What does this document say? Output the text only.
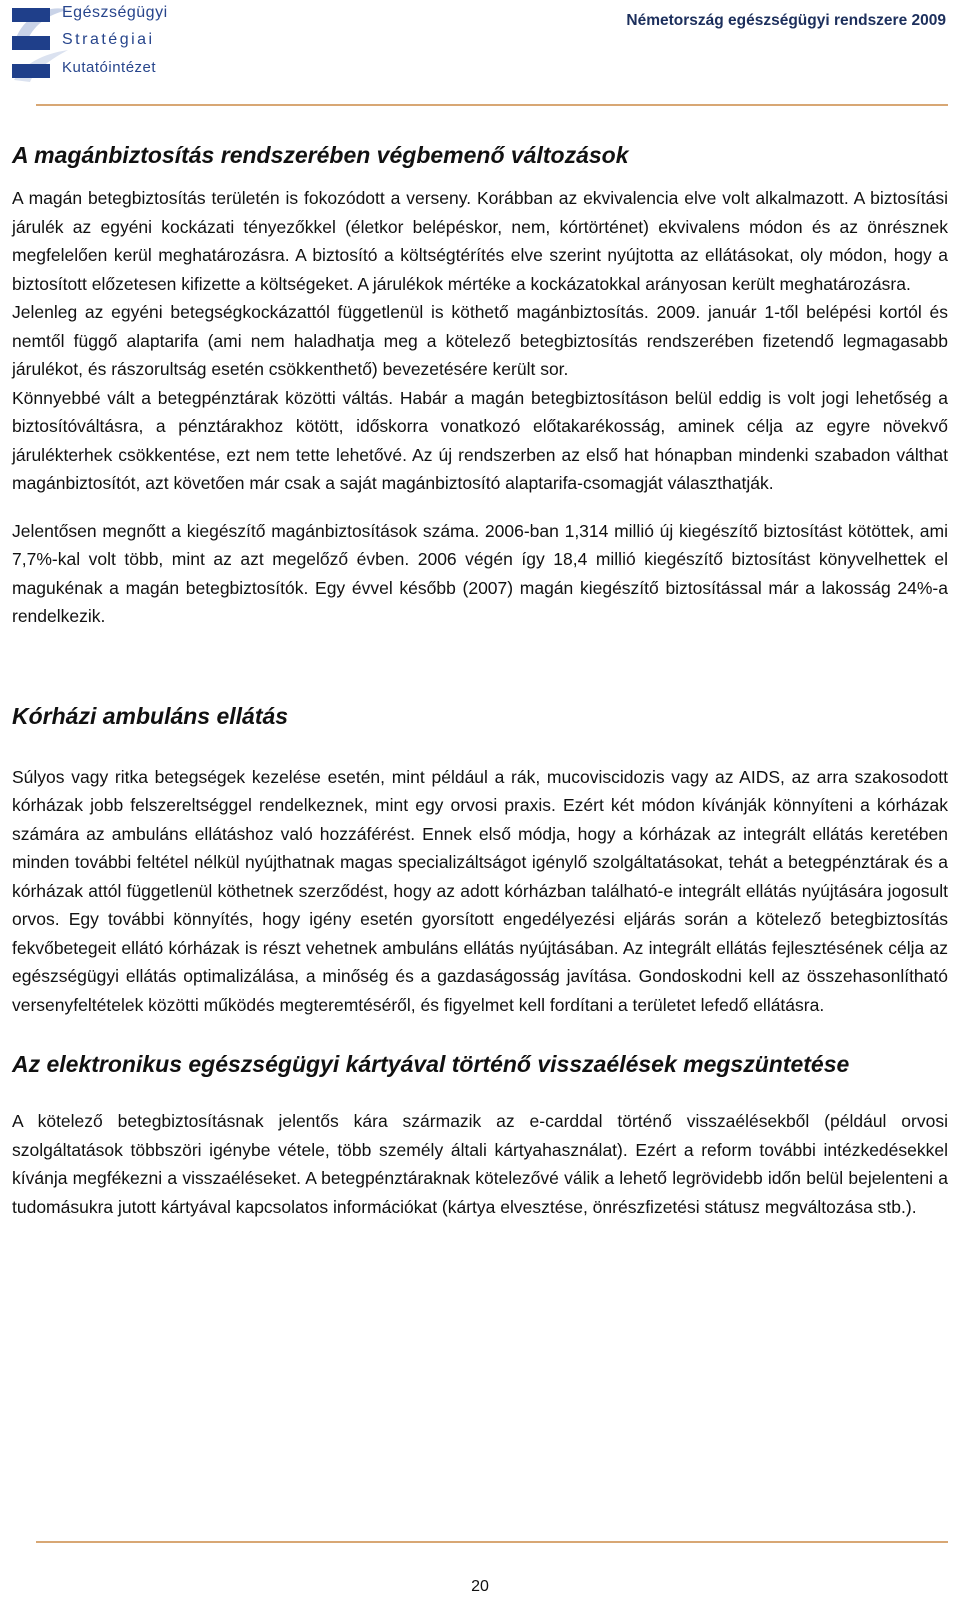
Egészségügyi
Stratégiai
Kutatóintézet
Németország egészségügyi rendszere 2009
A magánbiztosítás rendszerében végbemenő változások

A magán betegbiztosítás területén is fokozódott a verseny. Korábban az ekvivalencia elve volt alkalmazott. A biztosítási járulék az egyéni kockázati tényezőkkel (életkor belépéskor, nem, kórtörténet) ekvivalens módon és az önrésznek megfelelően kerül meghatározásra. A biztosító a költségtérítés elve szerint nyújtotta az ellátásokat, oly módon, hogy a biztosított előzetesen kifizette a költségeket. A járulékok mértéke a kockázatokkal arányosan került meghatározásra.

Jelenleg az egyéni betegségkockázattól függetlenül is köthető magánbiztosítás. 2009. január 1-től belépési kortól és nemtől függő alaptarifa (ami nem haladhatja meg a kötelező betegbiztosítás rendszerében fizetendő legmagasabb járulékot, és rászorultság esetén csökkenthető) bevezetésére került sor.

Könnyebbé vált a betegpénztárak közötti váltás. Habár a magán betegbiztosításon belül eddig is volt jogi lehetőség a biztosítóváltásra, a pénztárakhoz kötött, időskorra vonatkozó előtakarékosság, aminek célja az egyre növekvő járulékterhek csökkentése, ezt nem tette lehetővé. Az új rendszerben az első hat hónapban mindenki szabadon válthat magánbiztosítót, azt követően már csak a saját magánbiztosító alaptarifa-csomagját választhatják.

Jelentősen megnőtt a kiegészítő magánbiztosítások száma. 2006-ban 1,314 millió új kiegészítő biztosítást kötöttek, ami 7,7%-kal volt több, mint az azt megelőző évben. 2006 végén így 18,4 millió kiegészítő biztosítást könyvelhettek el magukénak a magán betegbiztosítók. Egy évvel később (2007) magán kiegészítő biztosítással már a lakosság 24%-a rendelkezik.

Kórházi ambuláns ellátás

Súlyos vagy ritka betegségek kezelése esetén, mint például a rák, mucoviscidozis vagy az AIDS, az arra szakosodott kórházak jobb felszereltséggel rendelkeznek, mint egy orvosi praxis. Ezért két módon kívánják könnyíteni a kórházak számára az ambuláns ellátáshoz való hozzáférést. Ennek első módja, hogy a kórházak az integrált ellátás keretében minden további feltétel nélkül nyújthatnak magas specializáltságot igénylő szolgáltatásokat, tehát a betegpénztárak és a kórházak attól függetlenül köthetnek szerződést, hogy az adott kórházban található-e integrált ellátás nyújtására jogosult orvos. Egy további könnyítés, hogy igény esetén gyorsított engedélyezési eljárás során a kötelező betegbiztosítás fekvőbetegeit ellátó kórházak is részt vehetnek ambuláns ellátás nyújtásában. Az integrált ellátás fejlesztésének célja az egészségügyi ellátás optimalizálása, a minőség és a gazdaságosság javítása. Gondoskodni kell az összehasonlítható versenyfeltételek közötti működés megteremtéséről, és figyelmet kell fordítani a területet lefedő ellátásra.

Az elektronikus egészségügyi kártyával történő visszaélések megszüntetése

A kötelező betegbiztosításnak jelentős kára származik az e-carddal történő visszaélésekből (például orvosi szolgáltatások többszöri igénybe vétele, több személy általi kártyahasználat). Ezért a reform további intézkedésekkel kívánja megfékezni a visszaéléseket. A betegpénztáraknak kötelezővé válik a lehető legrövidebb időn belül bejelenteni a tudomásukra jutott kártyával kapcsolatos információkat (kártya elvesztése, önrészfizetési státusz megváltozása stb.).

20
